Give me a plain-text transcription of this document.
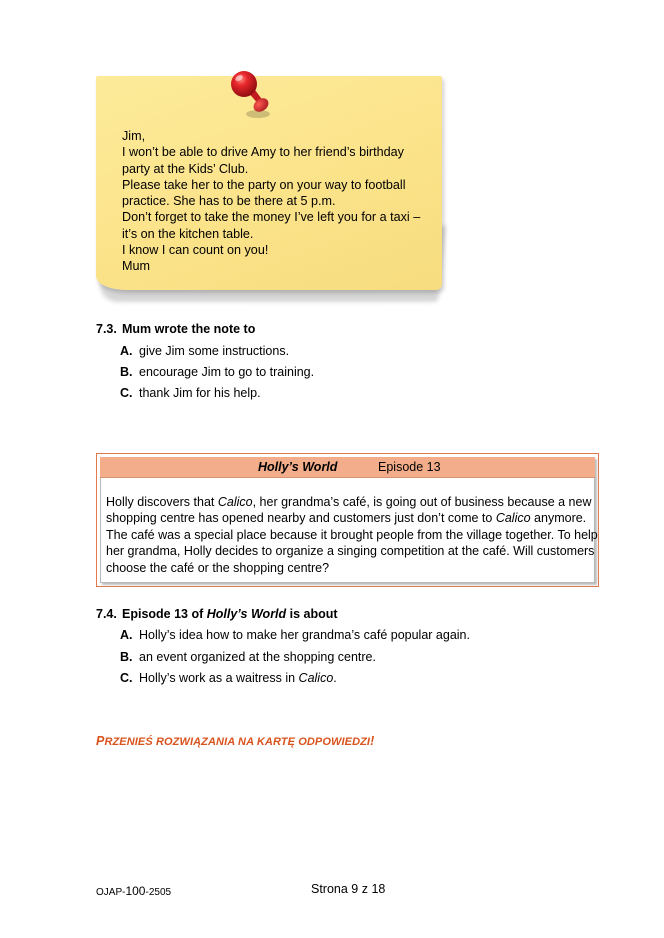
Jim,
I won’t be able to drive Amy to her friend’s birthday
party at the Kids’ Club.
Please take her to the party on your way to football
practice. She has to be there at 5 p.m.
Don’t forget to take the money I’ve left you for a taxi –
it’s on the kitchen table.
I know I can count on you!
Mum
7.3. Mum wrote the note to
A. give Jim some instructions.
B. encourage Jim to go to training.
C. thank Jim for his help.
Holly’s World	Episode 13
Holly discovers that Calico, her grandma’s café, is going out of business because a new
shopping centre has opened nearby and customers just don’t come to Calico anymore.
The café was a special place because it brought people from the village together. To help
her grandma, Holly decides to organize a singing competition at the café. Will customers
choose the café or the shopping centre?
7.4. Episode 13 of Holly’s World is about
A. Holly’s idea how to make her grandma’s café popular again.
B. an event organized at the shopping centre.
C. Holly’s work as a waitress in Calico.
PRZENIEŚ ROZWIĄZANIA NA KARTĘ ODPOWIEDZI!
OJAP-100-2505	Strona 9 z 18
